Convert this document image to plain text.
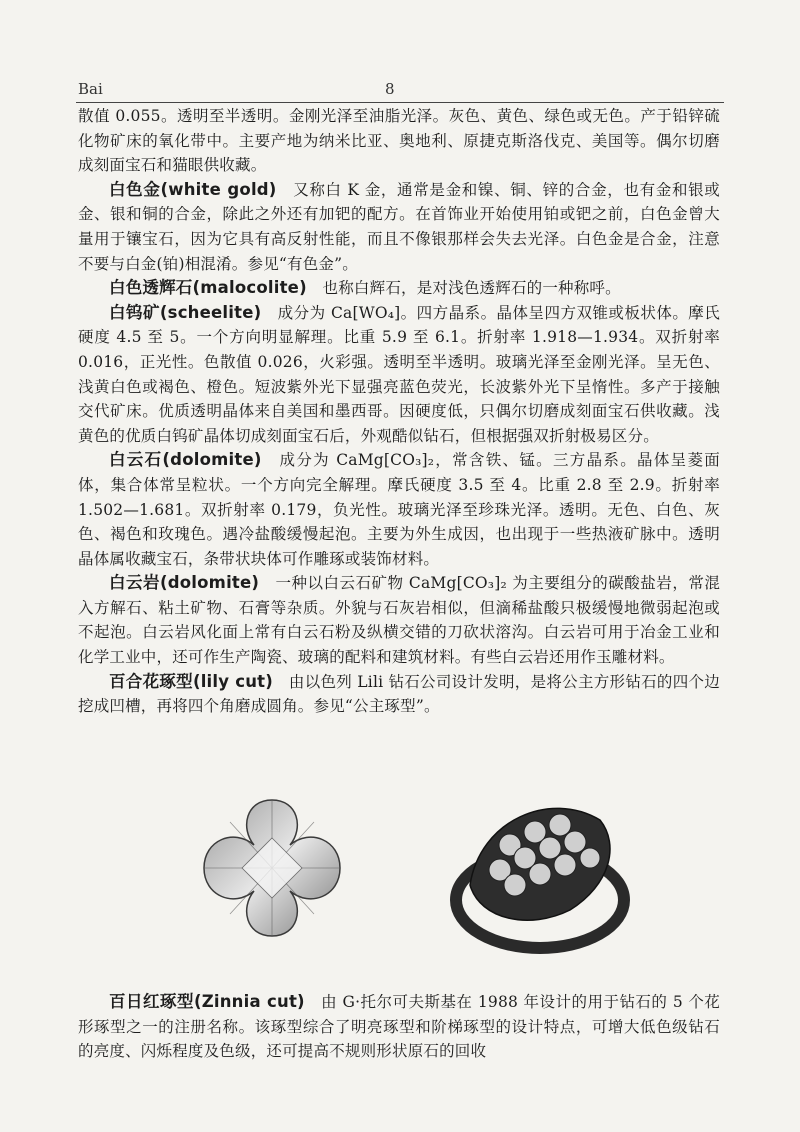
Bai	8

散值 0.055。透明至半透明。金刚光泽至油脂光泽。灰色、黄色、绿色或无色。产于铅锌硫化物矿床的氧化带中。主要产地为纳米比亚、奥地利、原捷克斯洛伐克、美国等。偶尔切磨成刻面宝石和猫眼供收藏。

白色金(white gold)　 又称白 K 金，通常是金和镍、铜、锌的合金，也有金和银或金、银和铜的合金，除此之外还有加钯的配方。在首饰业开始使用铂或钯之前，白色金曾大量用于镶宝石，因为它具有高反射性能，而且不像银那样会失去光泽。白色金是合金，注意不要与白金(铂)相混淆。参见“有色金”。

白色透辉石(malocolite)　 也称白辉石，是对浅色透辉石的一种称呼。

白钨矿(scheelite)　 成分为 Ca[WO₄]。四方晶系。晶体呈四方双锥或板状体。摩氏硬度 4.5 至 5。一个方向明显解理。比重 5.9 至 6.1。折射率 1.918—1.934。双折射率 0.016，正光性。色散值 0.026，火彩强。透明至半透明。玻璃光泽至金刚光泽。呈无色、浅黄白色或褐色、橙色。短波紫外光下显强亮蓝色荧光，长波紫外光下呈惰性。多产于接触交代矿床。优质透明晶体来自美国和墨西哥。因硬度低，只偶尔切磨成刻面宝石供收藏。浅黄色的优质白钨矿晶体切成刻面宝石后，外观酷似钻石，但根据强双折射极易区分。

白云石(dolomite)　 成分为 CaMg[CO₃]₂，常含铁、锰。三方晶系。晶体呈菱面体，集合体常呈粒状。一个方向完全解理。摩氏硬度 3.5 至 4。比重 2.8 至 2.9。折射率 1.502—1.681。双折射率 0.179，负光性。玻璃光泽至珍珠光泽。透明。无色、白色、灰色、褐色和玫瑰色。遇冷盐酸缓慢起泡。主要为外生成因，也出现于一些热液矿脉中。透明晶体属收藏宝石，条带状块体可作雕琢或装饰材料。

白云岩(dolomite)　 一种以白云石矿物 CaMg[CO₃]₂ 为主要组分的碳酸盐岩，常混入方解石、粘土矿物、石膏等杂质。外貌与石灰岩相似，但滴稀盐酸只极缓慢地微弱起泡或不起泡。白云岩风化面上常有白云石粉及纵横交错的刀砍状溶沟。白云岩可用于冶金工业和化学工业中，还可作生产陶瓷、玻璃的配料和建筑材料。有些白云岩还用作玉雕材料。

百合花琢型(lily cut)　 由以色列 Lili 钻石公司设计发明，是将公主方形钻石的四个边挖成凹槽，再将四个角磨成圆角。参见“公主琢型”。

百日红琢型(Zinnia cut)　 由 G·托尔可夫斯基在 1988 年设计的用于钻石的 5 个花形琢型之一的注册名称。该琢型综合了明亮琢型和阶梯琢型的设计特点，可增大低色级钻石的亮度、闪烁程度及色级，还可提高不规则形状原石的回收
